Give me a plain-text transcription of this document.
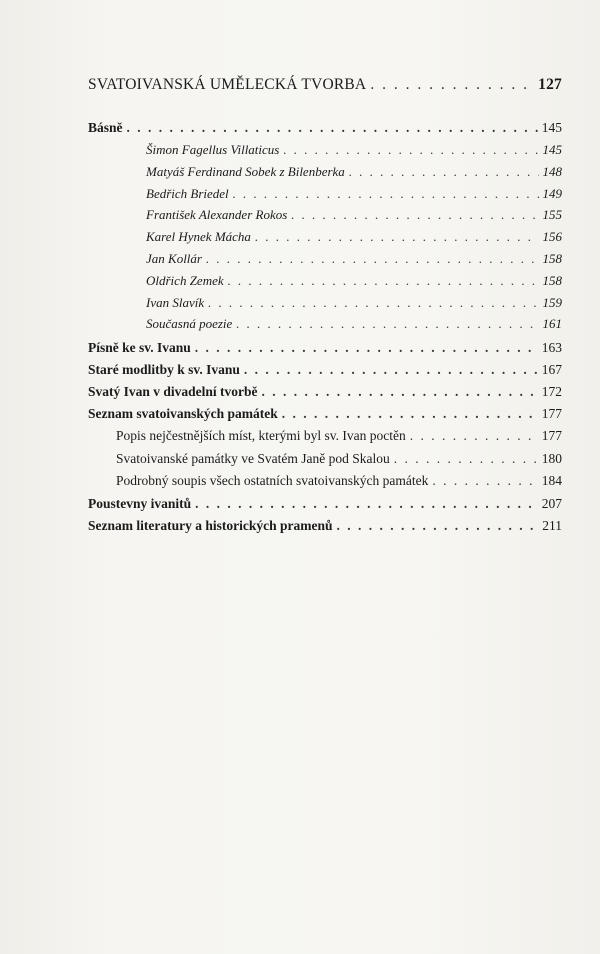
SVATOIVANSKÁ UMĚLECKÁ TVORBA . . .	127
Básně . . .	145
Šimon Fagellus Villaticus . . .	145
Matyáš Ferdinand Sobek z Bilenberka . . .	148
Bedřich Briedel . . .	149
František Alexander Rokos . . .	155
Karel Hynek Mácha . . .	156
Jan Kollár . . .	158
Oldřich Zemek . . .	158
Ivan Slavík . . .	159
Současná poezie . . .	161
Písně ke sv. Ivanu . . .	163
Staré modlitby k sv. Ivanu . . .	167
Svatý Ivan v divadelní tvorbě . . .	172
Seznam svatoivanských památek . . .	177
Popis nejčestnějších míst, kterými byl sv. Ivan poctěn . . .	177
Svatoivanské památky ve Svatém Janě pod Skalou . . .	180
Podrobný soupis všech ostatních svatoivanských památek . . .	184
Poustevny ivanitů . . .	207
Seznam literatury a historických pramenů . . .	211
